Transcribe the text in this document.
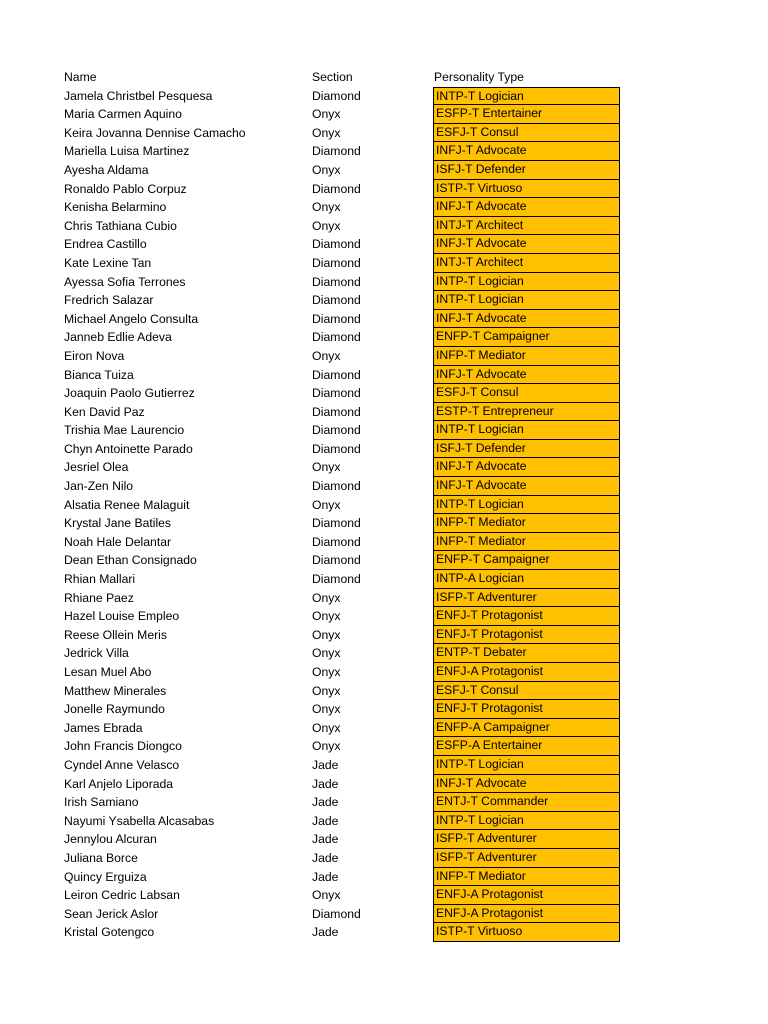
Name	Section	Personality Type
Jamela Christbel Pesquesa	Diamond	INTP-T Logician
Maria Carmen Aquino	Onyx	ESFP-T Entertainer
Keira Jovanna Dennise Camacho	Onyx	ESFJ-T Consul
Mariella Luisa Martinez	Diamond	INFJ-T Advocate
Ayesha Aldama	Onyx	ISFJ-T Defender
Ronaldo Pablo Corpuz	Diamond	ISTP-T Virtuoso
Kenisha Belarmino	Onyx	INFJ-T Advocate
Chris Tathiana Cubio	Onyx	INTJ-T Architect
Endrea Castillo	Diamond	INFJ-T Advocate
Kate Lexine Tan	Diamond	INTJ-T Architect
Ayessa Sofia Terrones	Diamond	INTP-T Logician
Fredrich Salazar	Diamond	INTP-T Logician
Michael Angelo Consulta	Diamond	INFJ-T Advocate
Janneb Edlie Adeva	Diamond	ENFP-T Campaigner
Eiron Nova	Onyx	INFP-T Mediator
Bianca Tuiza	Diamond	INFJ-T Advocate
Joaquin Paolo Gutierrez	Diamond	ESFJ-T Consul
Ken David Paz	Diamond	ESTP-T Entrepreneur
Trishia Mae Laurencio	Diamond	INTP-T Logician
Chyn Antoinette Parado	Diamond	ISFJ-T Defender
Jesriel Olea	Onyx	INFJ-T Advocate
Jan-Zen Nilo	Diamond	INFJ-T Advocate
Alsatia Renee Malaguit	Onyx	INTP-T Logician
Krystal Jane Batiles	Diamond	INFP-T Mediator
Noah Hale Delantar	Diamond	INFP-T Mediator
Dean Ethan Consignado	Diamond	ENFP-T Campaigner
Rhian Mallari	Diamond	INTP-A Logician
Rhiane Paez	Onyx	ISFP-T Adventurer
Hazel Louise Empleo	Onyx	ENFJ-T Protagonist
Reese Ollein Meris	Onyx	ENFJ-T Protagonist
Jedrick Villa	Onyx	ENTP-T Debater
Lesan Muel Abo	Onyx	ENFJ-A Protagonist
Matthew Minerales	Onyx	ESFJ-T Consul
Jonelle Raymundo	Onyx	ENFJ-T Protagonist
James Ebrada	Onyx	ENFP-A Campaigner
John Francis Diongco	Onyx	ESFP-A Entertainer
Cyndel Anne Velasco	Jade	INTP-T Logician
Karl Anjelo Liporada	Jade	INFJ-T Advocate
Irish Samiano	Jade	ENTJ-T Commander
Nayumi Ysabella Alcasabas	Jade	INTP-T Logician
Jennylou Alcuran	Jade	ISFP-T Adventurer
Juliana Borce	Jade	ISFP-T Adventurer
Quincy Erguiza	Jade	INFP-T Mediator
Leiron Cedric Labsan	Onyx	ENFJ-A Protagonist
Sean Jerick Aslor	Diamond	ENFJ-A Protagonist
Kristal Gotengco	Jade	ISTP-T Virtuoso
